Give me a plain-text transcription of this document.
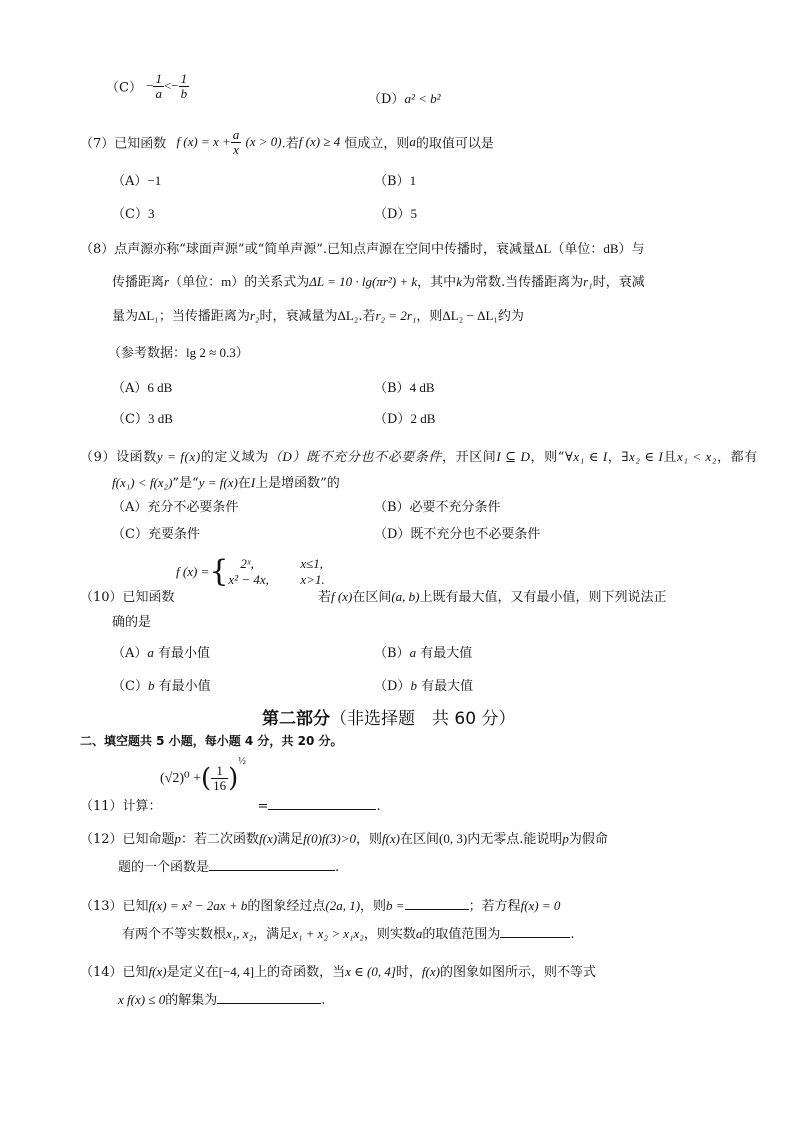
$(C) - \frac{1}{a} <- \frac{1}{b}$	（D）a² < b²
（7）已知函数 f $(x) = x + \frac{a}{x} (x > 0)$.若f (x) ≥ 4 恒成立，则a的取值可以是
（A）−1	（B）1
（C）3	（D）5
（8）点声源亦称“球面声源”或“简单声源”.已知点声源在空间中传播时，衰减量ΔL（单位：dB）与
传播距离r（单位：m）的关系式为ΔL = 10 · lg(πr²) + k，其中k为常数.当传播距离为r₁时，衰减
量为ΔL₁；当传播距离为r₂时，衰减量为ΔL₂.若r₂ = 2r₁，则ΔL₂ − ΔL₁约为
（参考数据：lg 2 ≈ 0.3）
（A）6 dB	（B）4 dB
（C）3 dB	（D）2 dB
（9）设函数y = f(x)的定义域为（D）既不充分也不必要条件，开区间I ⊆ D，则“∀x₁ ∈ I，∃x₂ ∈ I且x₁ < x₂，都有
f(x₁) < f(x₂)”是“y = f(x)在I上是增函数”的
（A）充分不必要条件	（B）必要不充分条件
（C）充要条件	（D）既不充分也不必要条件
f (x) ={ 2ˣ,	x≤1,
x² − 4x, x>1.
（10）已知函数	若f (x)在区间(a, b)上既有最大值，又有最小值，则下列说法正
确的是
（A）a 有最小值	（B）a 有最大值
（C）b 有最小值	（D）b 有最大值
第二部分（非选择题　共 60 分）
二、填空题共 5 小题，每小题 4 分，共 20 分。
(√2)⁰ +( $\frac{1}{16} )^{\frac{1}{2}}$
（11）计算：	=	.
（12）已知命题p：若二次函数f(x)满足f(0)f(3)>0，则f(x)在区间(0, 3)内无零点.能说明p为假命
题的一个函数是	.
（13）已知f(x) = x² − 2ax + b的图象经过点(2a, 1)，则b =	；若方程f(x) = 0
有两个不等实数根x₁, x₂，满足x₁ + x₂ > x₁x₂，则实数a的取值范围为	.
（14）已知f(x)是定义在[−4, 4]上的奇函数，当x ∈ (0, 4]时，f(x)的图象如图所示，则不等式
x f(x) ≤ 0的解集为	.
